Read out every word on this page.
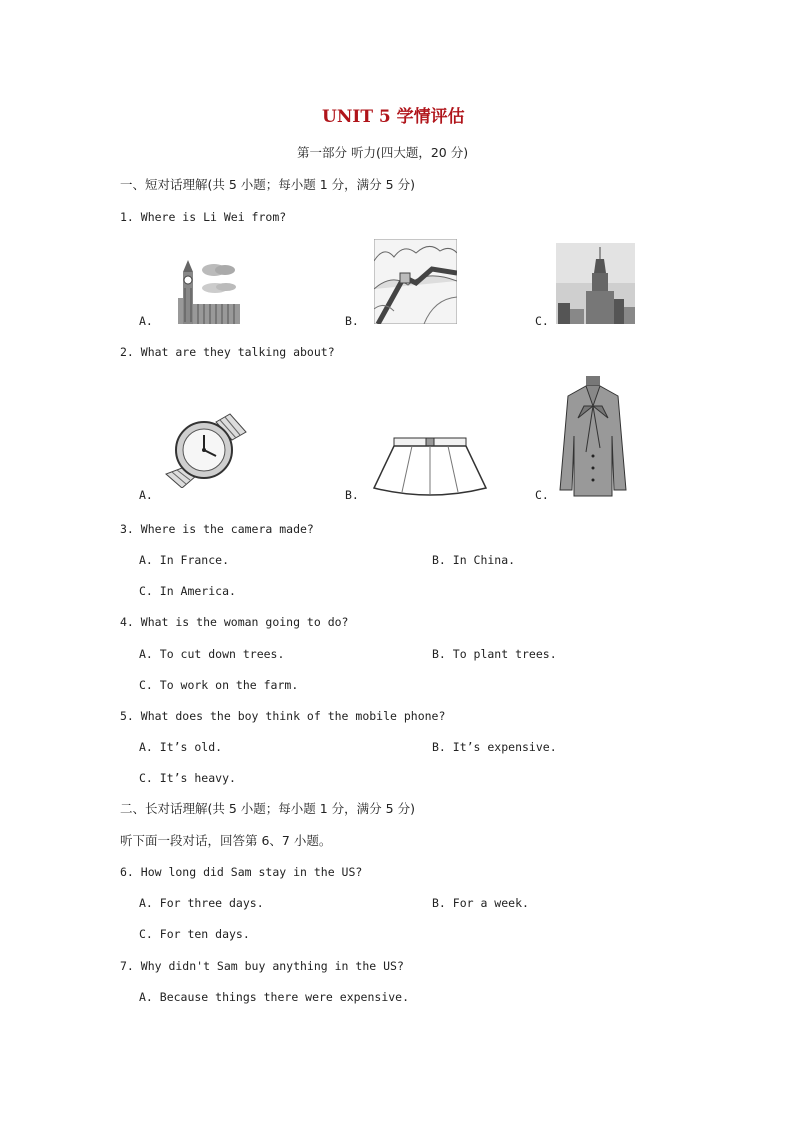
UNIT 5 学情评估
第一部分 听力(四大题，20 分)
一、短对话理解(共 5 小题；每小题 1 分，满分 5 分)
1. Where is Li Wei from?
A.	B.	C.
2. What are they talking about?
A.	B.	C.
3. Where is the camera made?
A. In France.	B. In China.
C. In America.
4. What is the woman going to do?
A. To cut down trees.	B. To plant trees.
C. To work on the farm.
5. What does the boy think of the mobile phone?
A. It’s old.	B. It’s expensive.
C. It’s heavy.
二、长对话理解(共 5 小题；每小题 1 分，满分 5 分)
听下面一段对话，回答第 6、7 小题。
6. How long did Sam stay in the US?
A. For three days.	B. For a week.
C. For ten days.
7. Why didn't Sam buy anything in the US?
A. Because things there were expensive.
